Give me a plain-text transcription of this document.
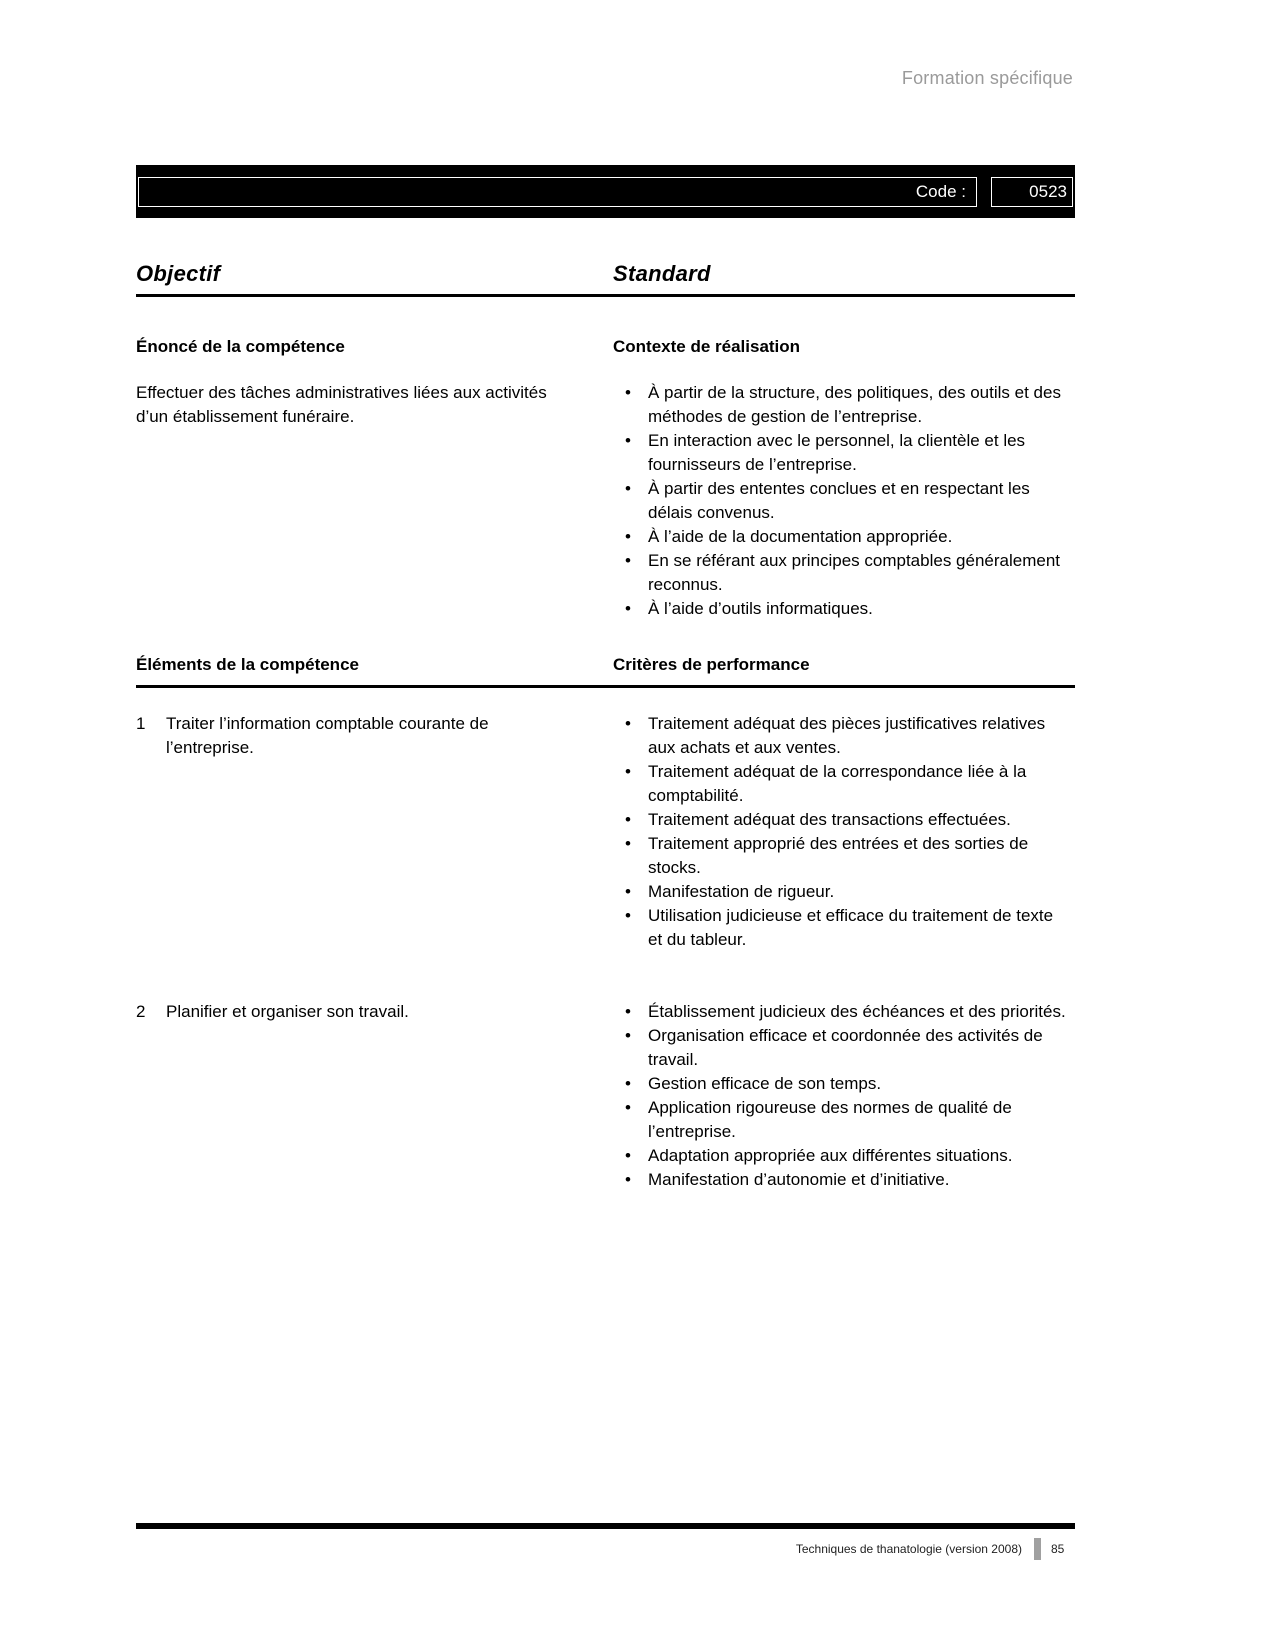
Formation spécifique
Code :	0523
Objectif	Standard
Énoncé de la compétence	Contexte de réalisation
Effectuer des tâches administratives liées aux activités d’un établissement funéraire.
• À partir de la structure, des politiques, des outils et des méthodes de gestion de l’entreprise.
• En interaction avec le personnel, la clientèle et les fournisseurs de l’entreprise.
• À partir des ententes conclues et en respectant les délais convenus.
• À l’aide de la documentation appropriée.
• En se référant aux principes comptables généralement reconnus.
• À l’aide d’outils informatiques.
Éléments de la compétence	Critères de performance
1	Traiter l’information comptable courante de l’entreprise.
• Traitement adéquat des pièces justificatives relatives aux achats et aux ventes.
• Traitement adéquat de la correspondance liée à la comptabilité.
• Traitement adéquat des transactions effectuées.
• Traitement approprié des entrées et des sorties de stocks.
• Manifestation de rigueur.
• Utilisation judicieuse et efficace du traitement de texte et du tableur.
2	Planifier et organiser son travail.	• Établissement judicieux des échéances et des priorités.
• Organisation efficace et coordonnée des activités de travail.
• Gestion efficace de son temps.
• Application rigoureuse des normes de qualité de l’entreprise.
• Adaptation appropriée aux différentes situations.
• Manifestation d’autonomie et d’initiative.
Techniques de thanatologie (version 2008) 85
